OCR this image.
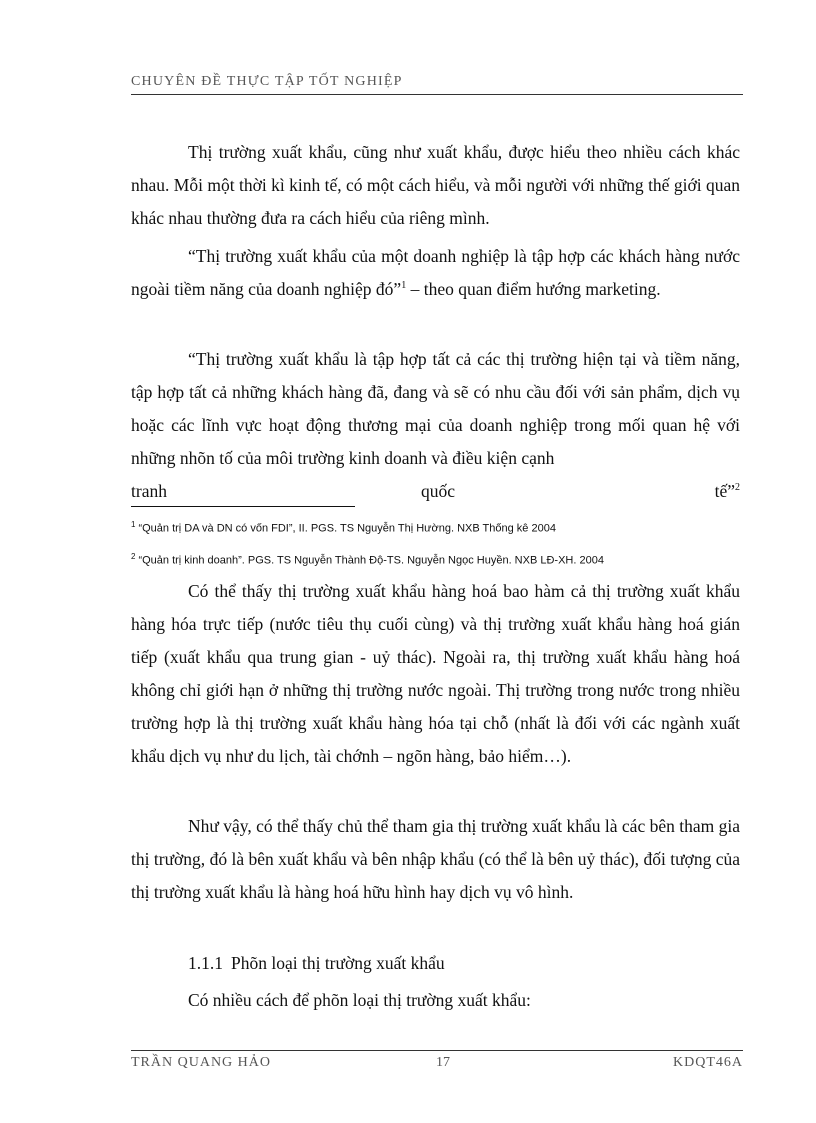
CHUYÊN ĐỀ THỰC TẬP TỐT NGHIỆP

Thị trường xuất khẩu, cũng như xuất khẩu, được hiểu theo nhiều cách khác nhau. Mỗi một thời kì kinh tế, có một cách hiểu, và mỗi người với những thế giới quan khác nhau thường đưa ra cách hiểu của riêng mình.

“Thị trường xuất khẩu của một doanh nghiệp là tập hợp các khách hàng nước ngoài tiềm năng của doanh nghiệp đó”$^1$ – theo quan điểm hướng marketing.

“Thị trường xuất khẩu là tập hợp tất cả các thị trường hiện tại và tiềm năng, tập hợp tất cả những khách hàng đã, đang và sẽ có nhu cầu đối với sản phẩm, dịch vụ hoặc các lĩnh vực hoạt động thương mại của doanh nghiệp trong mối quan hệ với những nhõn tố của môi trường kinh doanh và điều kiện cạnh

tranh	quốc	tế”$^2$
$^1$ “Quản trị DA và DN có vốn FDI”, II. PGS. TS Nguyễn Thị Hường. NXB Thống kê 2004
$^2$ “Quản trị kinh doanh”. PGS. TS Nguyễn Thành Độ-TS. Nguyễn Ngọc Huyền. NXB LĐ-XH. 2004

Có thể thấy thị trường xuất khẩu hàng hoá bao hàm cả thị trường xuất khẩu hàng hóa trực tiếp (nước tiêu thụ cuối cùng) và thị trường xuất khẩu hàng hoá gián tiếp (xuất khẩu qua trung gian - uỷ thác). Ngoài ra, thị trường xuất khẩu hàng hoá không chỉ giới hạn ở những thị trường nước ngoài. Thị trường trong nước trong nhiều trường hợp là thị trường xuất khẩu hàng hóa tại chỗ (nhất là đối với các ngành xuất khẩu dịch vụ như du lịch, tài chớnh – ngõn hàng, bảo hiểm…).

Như vậy, có thể thấy chủ thể tham gia thị trường xuất khẩu là các bên tham gia thị trường, đó là bên xuất khẩu và bên nhập khẩu (có thể là bên uỷ thác), đối tượng của thị trường xuất khẩu là hàng hoá hữu hình hay dịch vụ vô hình.

1.1.1 Phõn loại thị trường xuất khẩu

Có nhiều cách để phõn loại thị trường xuất khẩu:

TRẦN QUANG HẢO	17	KDQT46A
